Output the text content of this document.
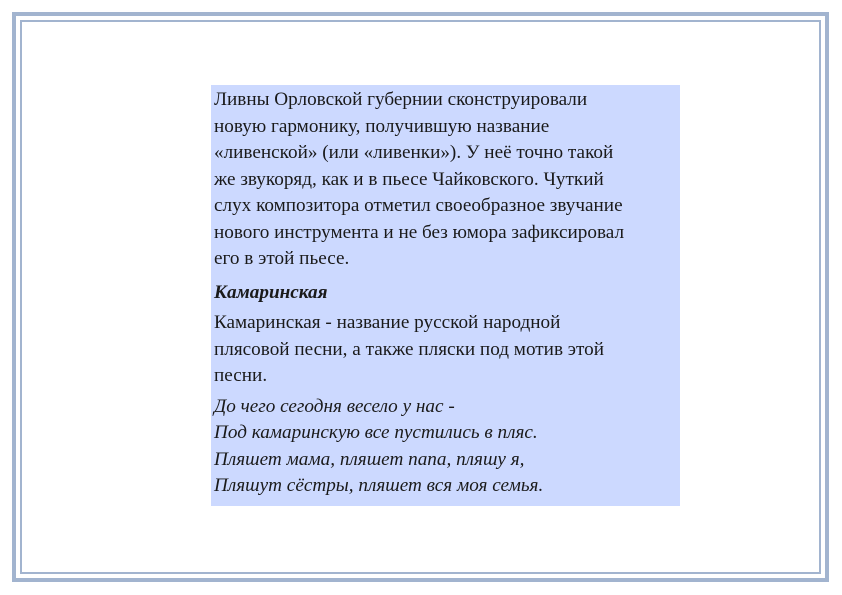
Ливны Орловской губернии сконструировали
новую гармонику, получившую название
«ливенской» (или «ливенки»). У неё точно такой
же звукоряд, как и в пьесе Чайковского. Чуткий
слух композитора отметил своеобразное звучание
нового инструмента и не без юмора зафиксировал
его в этой пьесе.

Камаринская

Камаринская - название русской народной
плясовой песни, а также пляски под мотив этой
песни.

До чего сегодня весело у нас -
Под камаринскую все пустились в пляс.
Пляшет мама, пляшет папа, пляшу я,
Пляшут сёстры, пляшет вся моя семья.
